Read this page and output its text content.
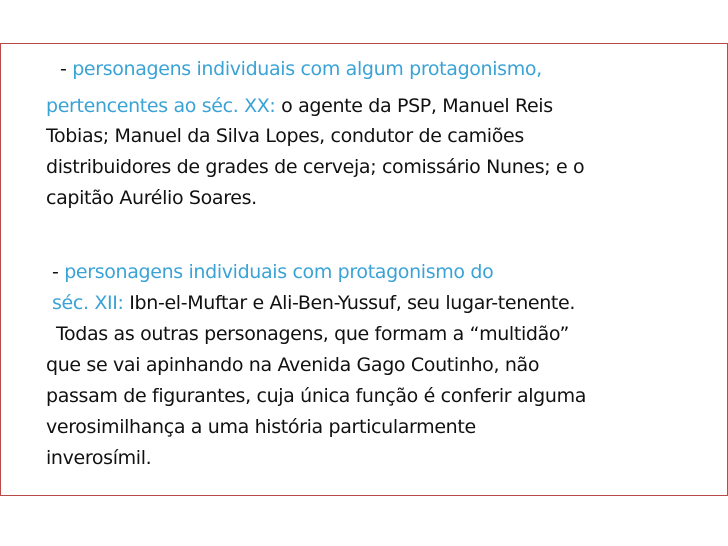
- personagens individuais com algum protagonismo,
pertencentes ao séc. XX: o agente da PSP, Manuel Reis
Tobias; Manuel da Silva Lopes, condutor de camiões
distribuidores de grades de cerveja; comissário Nunes; e o
capitão Aurélio Soares.
- personagens individuais com protagonismo do
séc. XII: Ibn-el-Muftar e Ali-Ben-Yussuf, seu lugar-tenente.
Todas as outras personagens, que formam a “multidão”
que se vai apinhando na Avenida Gago Coutinho, não
passam de figurantes, cuja única função é conferir alguma
verosimilhança a uma história particularmente
inverosímil.
